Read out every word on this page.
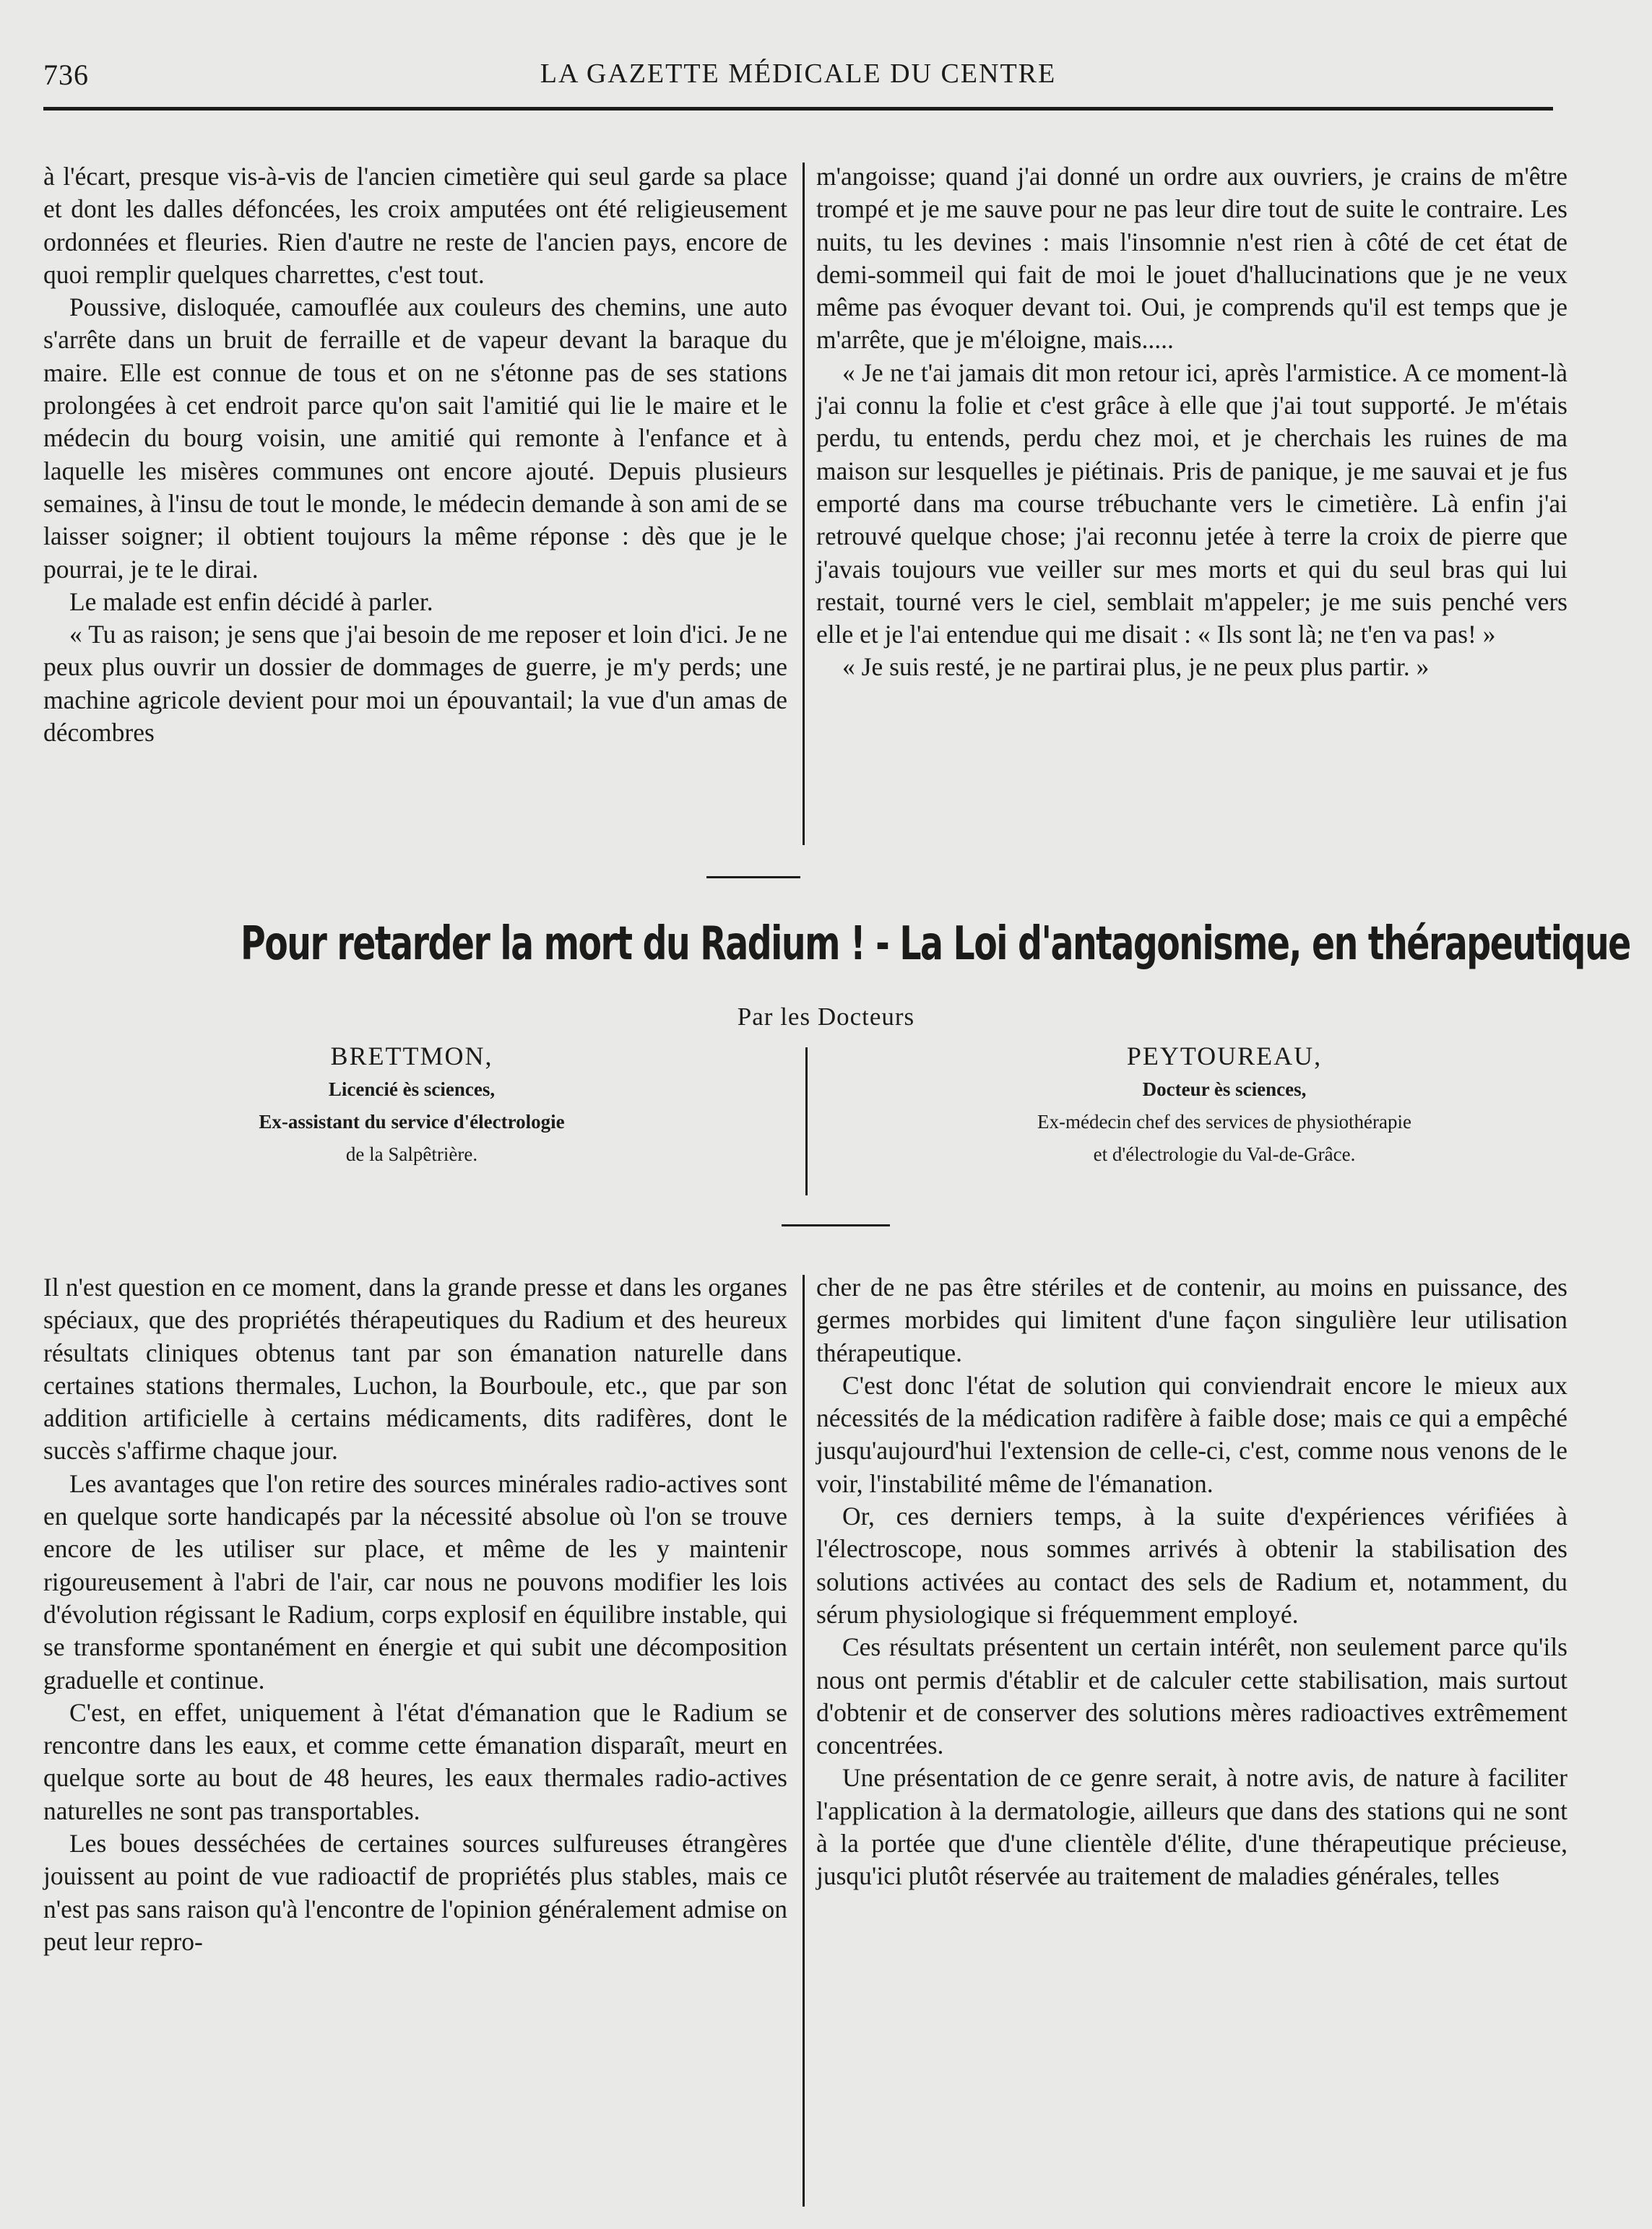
736	LA GAZETTE MÉDICALE DU CENTRE

à l'écart, presque vis-à-vis de l'ancien cimetière qui seul garde sa place et dont les dalles défoncées, les croix amputées ont été religieusement ordonnées et fleuries. Rien d'autre ne reste de l'ancien pays, encore de quoi remplir quelques charrettes, c'est tout.

Poussive, disloquée, camouflée aux couleurs des chemins, une auto s'arrête dans un bruit de ferraille et de vapeur devant la baraque du maire. Elle est connue de tous et on ne s'étonne pas de ses stations prolongées à cet endroit parce qu'on sait l'amitié qui lie le maire et le médecin du bourg voisin, une amitié qui remonte à l'enfance et à laquelle les misères communes ont encore ajouté. Depuis plusieurs semaines, à l'insu de tout le monde, le médecin demande à son ami de se laisser soigner; il obtient toujours la même réponse : dès que je le pourrai, je te le dirai.

Le malade est enfin décidé à parler.

« Tu as raison; je sens que j'ai besoin de me reposer et loin d'ici. Je ne peux plus ouvrir un dossier de dommages de guerre, je m'y perds; une machine agricole devient pour moi un épouvantail; la vue d'un amas de décombres

m'angoisse; quand j'ai donné un ordre aux ouvriers, je crains de m'être trompé et je me sauve pour ne pas leur dire tout de suite le contraire. Les nuits, tu les devines : mais l'insomnie n'est rien à côté de cet état de demi-sommeil qui fait de moi le jouet d'hallucinations que je ne veux même pas évoquer devant toi. Oui, je comprends qu'il est temps que je m'arrête, que je m'éloigne, mais.....

« Je ne t'ai jamais dit mon retour ici, après l'armistice. A ce moment-là j'ai connu la folie et c'est grâce à elle que j'ai tout supporté. Je m'étais perdu, tu entends, perdu chez moi, et je cherchais les ruines de ma maison sur lesquelles je piétinais. Pris de panique, je me sauvai et je fus emporté dans ma course trébuchante vers le cimetière. Là enfin j'ai retrouvé quelque chose; j'ai reconnu jetée à terre la croix de pierre que j'avais toujours vue veiller sur mes morts et qui du seul bras qui lui restait, tourné vers le ciel, semblait m'appeler; je me suis penché vers elle et je l'ai entendue qui me disait : « Ils sont là; ne t'en va pas! »

« Je suis resté, je ne partirai plus, je ne peux plus partir. »

Pour retarder la mort du Radium ! - La Loi d'antagonisme, en thérapeutique
Par les Docteurs
BRETTMON,
Licencié ès sciences,
Ex-assistant du service d'électrologie
de la Salpêtrière.
PEYTOUREAU,
Docteur ès sciences,
Ex-médecin chef des services de physiothérapie
et d'électrologie du Val-de-Grâce.

Il n'est question en ce moment, dans la grande presse et dans les organes spéciaux, que des propriétés thérapeutiques du Radium et des heureux résultats cliniques obtenus tant par son émanation naturelle dans certaines stations thermales, Luchon, la Bourboule, etc., que par son addition artificielle à certains médicaments, dits radifères, dont le succès s'affirme chaque jour.

Les avantages que l'on retire des sources minérales radio-actives sont en quelque sorte handicapés par la nécessité absolue où l'on se trouve encore de les utiliser sur place, et même de les y maintenir rigoureusement à l'abri de l'air, car nous ne pouvons modifier les lois d'évolution régissant le Radium, corps explosif en équilibre instable, qui se transforme spontanément en énergie et qui subit une décomposition graduelle et continue.

C'est, en effet, uniquement à l'état d'émanation que le Radium se rencontre dans les eaux, et comme cette émanation disparaît, meurt en quelque sorte au bout de 48 heures, les eaux thermales radio-actives naturelles ne sont pas transportables.

Les boues desséchées de certaines sources sulfureuses étrangères jouissent au point de vue radioactif de propriétés plus stables, mais ce n'est pas sans raison qu'à l'encontre de l'opinion généralement admise on peut leur repro-

cher de ne pas être stériles et de contenir, au moins en puissance, des germes morbides qui limitent d'une façon singulière leur utilisation thérapeutique.

C'est donc l'état de solution qui conviendrait encore le mieux aux nécessités de la médication radifère à faible dose; mais ce qui a empêché jusqu'aujourd'hui l'extension de celle-ci, c'est, comme nous venons de le voir, l'instabilité même de l'émanation.

Or, ces derniers temps, à la suite d'expériences vérifiées à l'électroscope, nous sommes arrivés à obtenir la stabilisation des solutions activées au contact des sels de Radium et, notamment, du sérum physiologique si fréquemment employé.

Ces résultats présentent un certain intérêt, non seulement parce qu'ils nous ont permis d'établir et de calculer cette stabilisation, mais surtout d'obtenir et de conserver des solutions mères radioactives extrêmement concentrées.

Une présentation de ce genre serait, à notre avis, de nature à faciliter l'application à la dermatologie, ailleurs que dans des stations qui ne sont à la portée que d'une clientèle d'élite, d'une thérapeutique précieuse, jusqu'ici plutôt réservée au traitement de maladies générales, telles
